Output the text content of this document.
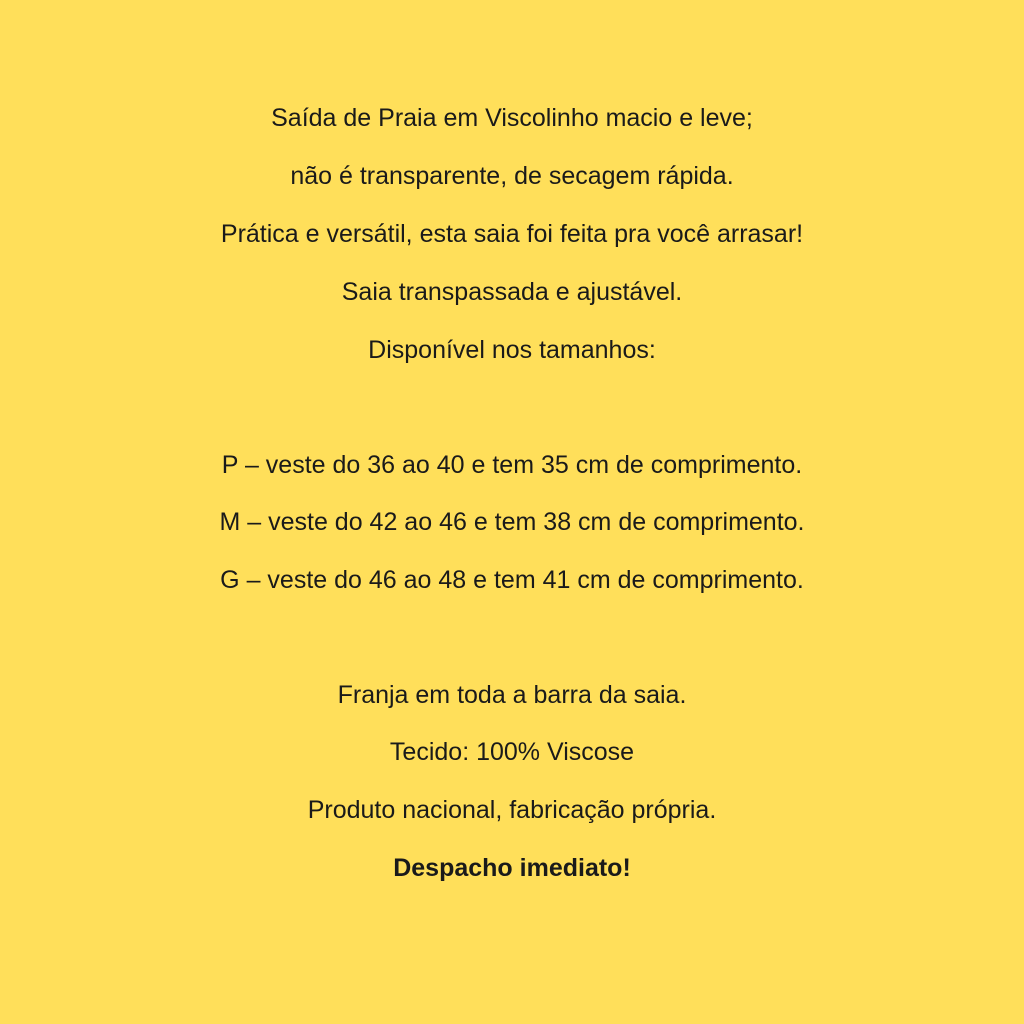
Saída de Praia em Viscolinho macio e leve;
não é transparente, de secagem rápida.
Prática e versátil, esta saia foi feita pra você arrasar!
Saia transpassada e ajustável.
Disponível nos tamanhos:
P – veste do 36 ao 40 e tem 35 cm de comprimento.
M – veste do 42 ao 46 e tem 38 cm de comprimento.
G – veste do 46 ao 48 e tem 41 cm de comprimento.
Franja em toda a barra da saia.
Tecido: 100% Viscose
Produto nacional, fabricação própria.
Despacho imediato!
